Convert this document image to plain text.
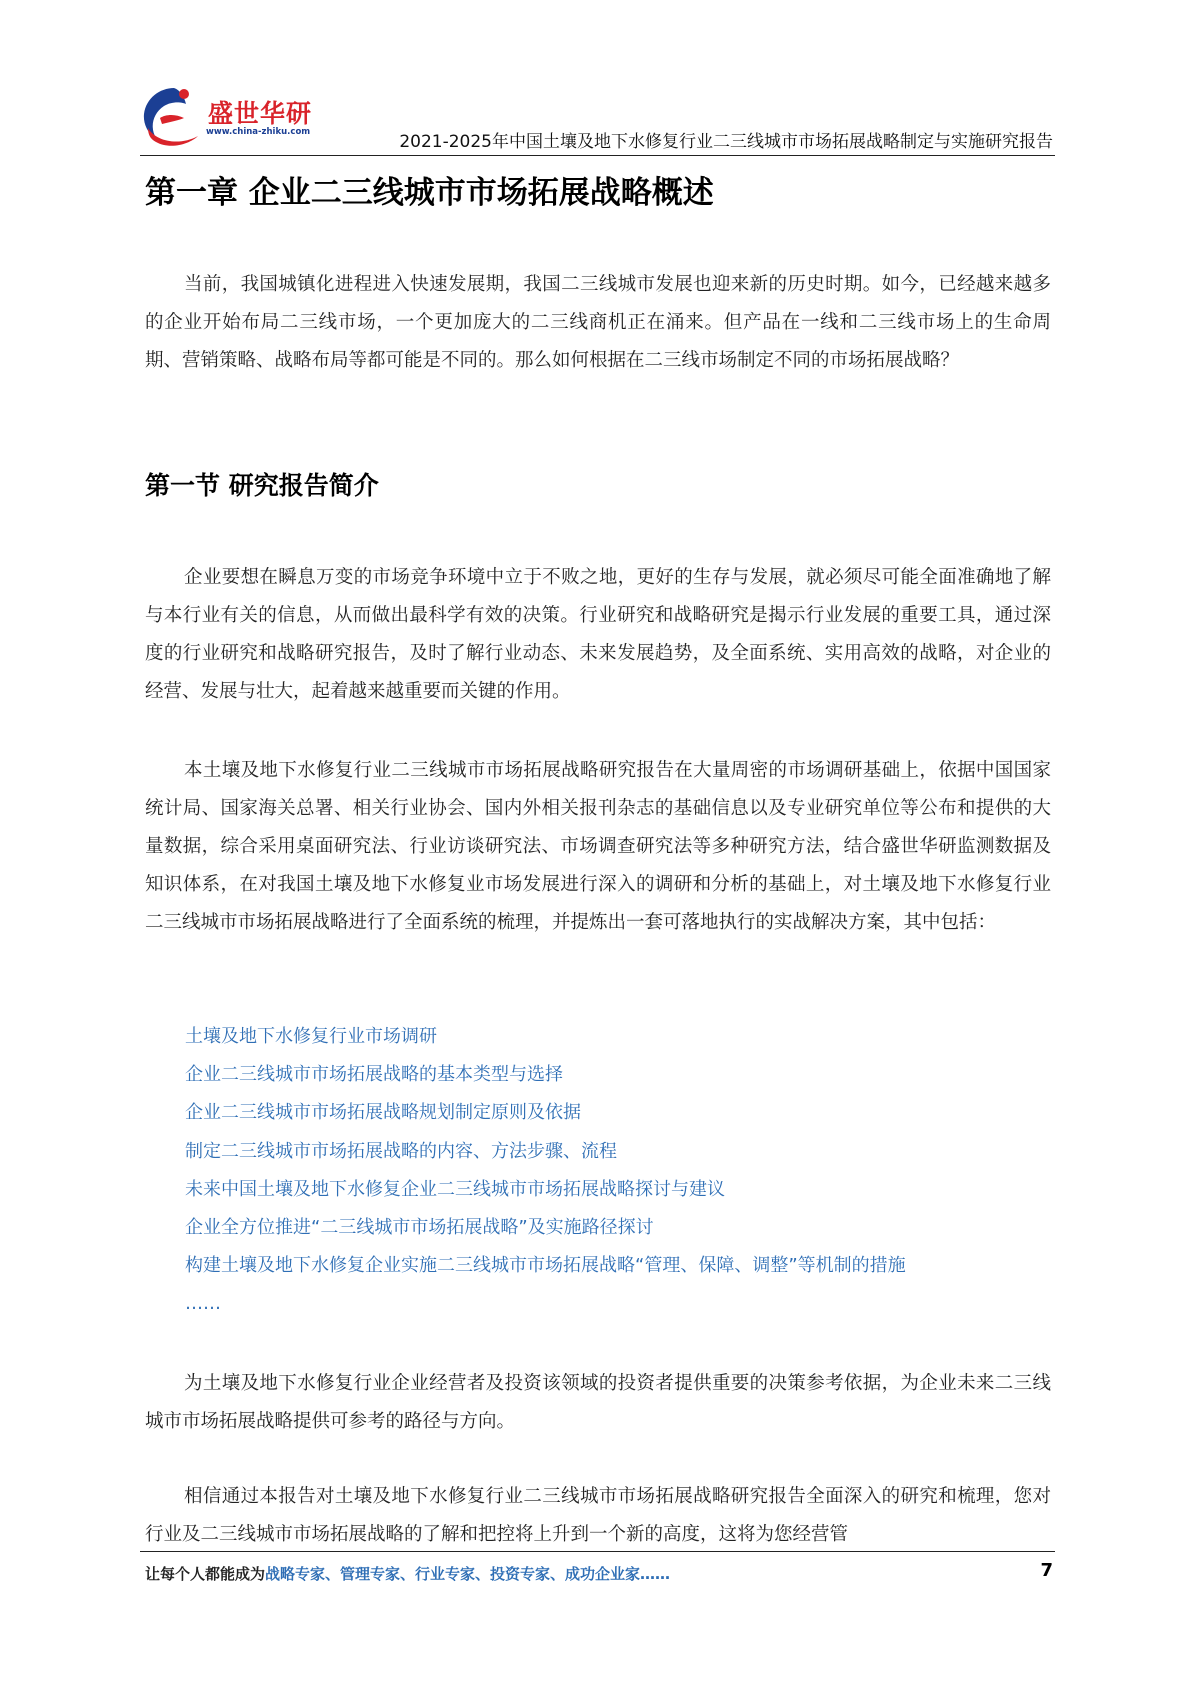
盛世华研
www.china-zhiku.com	2021-2025年中国土壤及地下水修复行业二三线城市市场拓展战略制定与实施研究报告
第一章 企业二三线城市市场拓展战略概述

当前，我国城镇化进程进入快速发展期，我国二三线城市发展也迎来新的历史时期。如今，已经越来越多的企业开始布局二三线市场，一个更加庞大的二三线商机正在涌来。但产品在一线和二三线市场上的生命周期、营销策略、战略布局等都可能是不同的。那么如何根据在二三线市场制定不同的市场拓展战略？

第一节 研究报告简介

企业要想在瞬息万变的市场竞争环境中立于不败之地，更好的生存与发展，就必须尽可能全面准确地了解与本行业有关的信息，从而做出最科学有效的决策。行业研究和战略研究是揭示行业发展的重要工具，通过深度的行业研究和战略研究报告，及时了解行业动态、未来发展趋势，及全面系统、实用高效的战略，对企业的经营、发展与壮大，起着越来越重要而关键的作用。

本土壤及地下水修复行业二三线城市市场拓展战略研究报告在大量周密的市场调研基础上，依据中国国家统计局、国家海关总署、相关行业协会、国内外相关报刊杂志的基础信息以及专业研究单位等公布和提供的大量数据，综合采用桌面研究法、行业访谈研究法、市场调查研究法等多种研究方法，结合盛世华研监测数据及知识体系，在对我国土壤及地下水修复业市场发展进行深入的调研和分析的基础上，对土壤及地下水修复行业二三线城市市场拓展战略进行了全面系统的梳理，并提炼出一套可落地执行的实战解决方案，其中包括：

土壤及地下水修复行业市场调研
企业二三线城市市场拓展战略的基本类型与选择
企业二三线城市市场拓展战略规划制定原则及依据
制定二三线城市市场拓展战略的内容、方法步骤、流程
未来中国土壤及地下水修复企业二三线城市市场拓展战略探讨与建议
企业全方位推进“二三线城市市场拓展战略”及实施路径探讨
构建土壤及地下水修复企业实施二三线城市市场拓展战略“管理、保障、调整”等机制的措施
……

为土壤及地下水修复行业企业经营者及投资该领域的投资者提供重要的决策参考依据，为企业未来二三线城市市场拓展战略提供可参考的路径与方向。

相信通过本报告对土壤及地下水修复行业二三线城市市场拓展战略研究报告全面深入的研究和梳理，您对行业及二三线城市市场拓展战略的了解和把控将上升到一个新的高度，这将为您经营管

让每个人都能成为战略专家、管理专家、行业专家、投资专家、成功企业家……	7
